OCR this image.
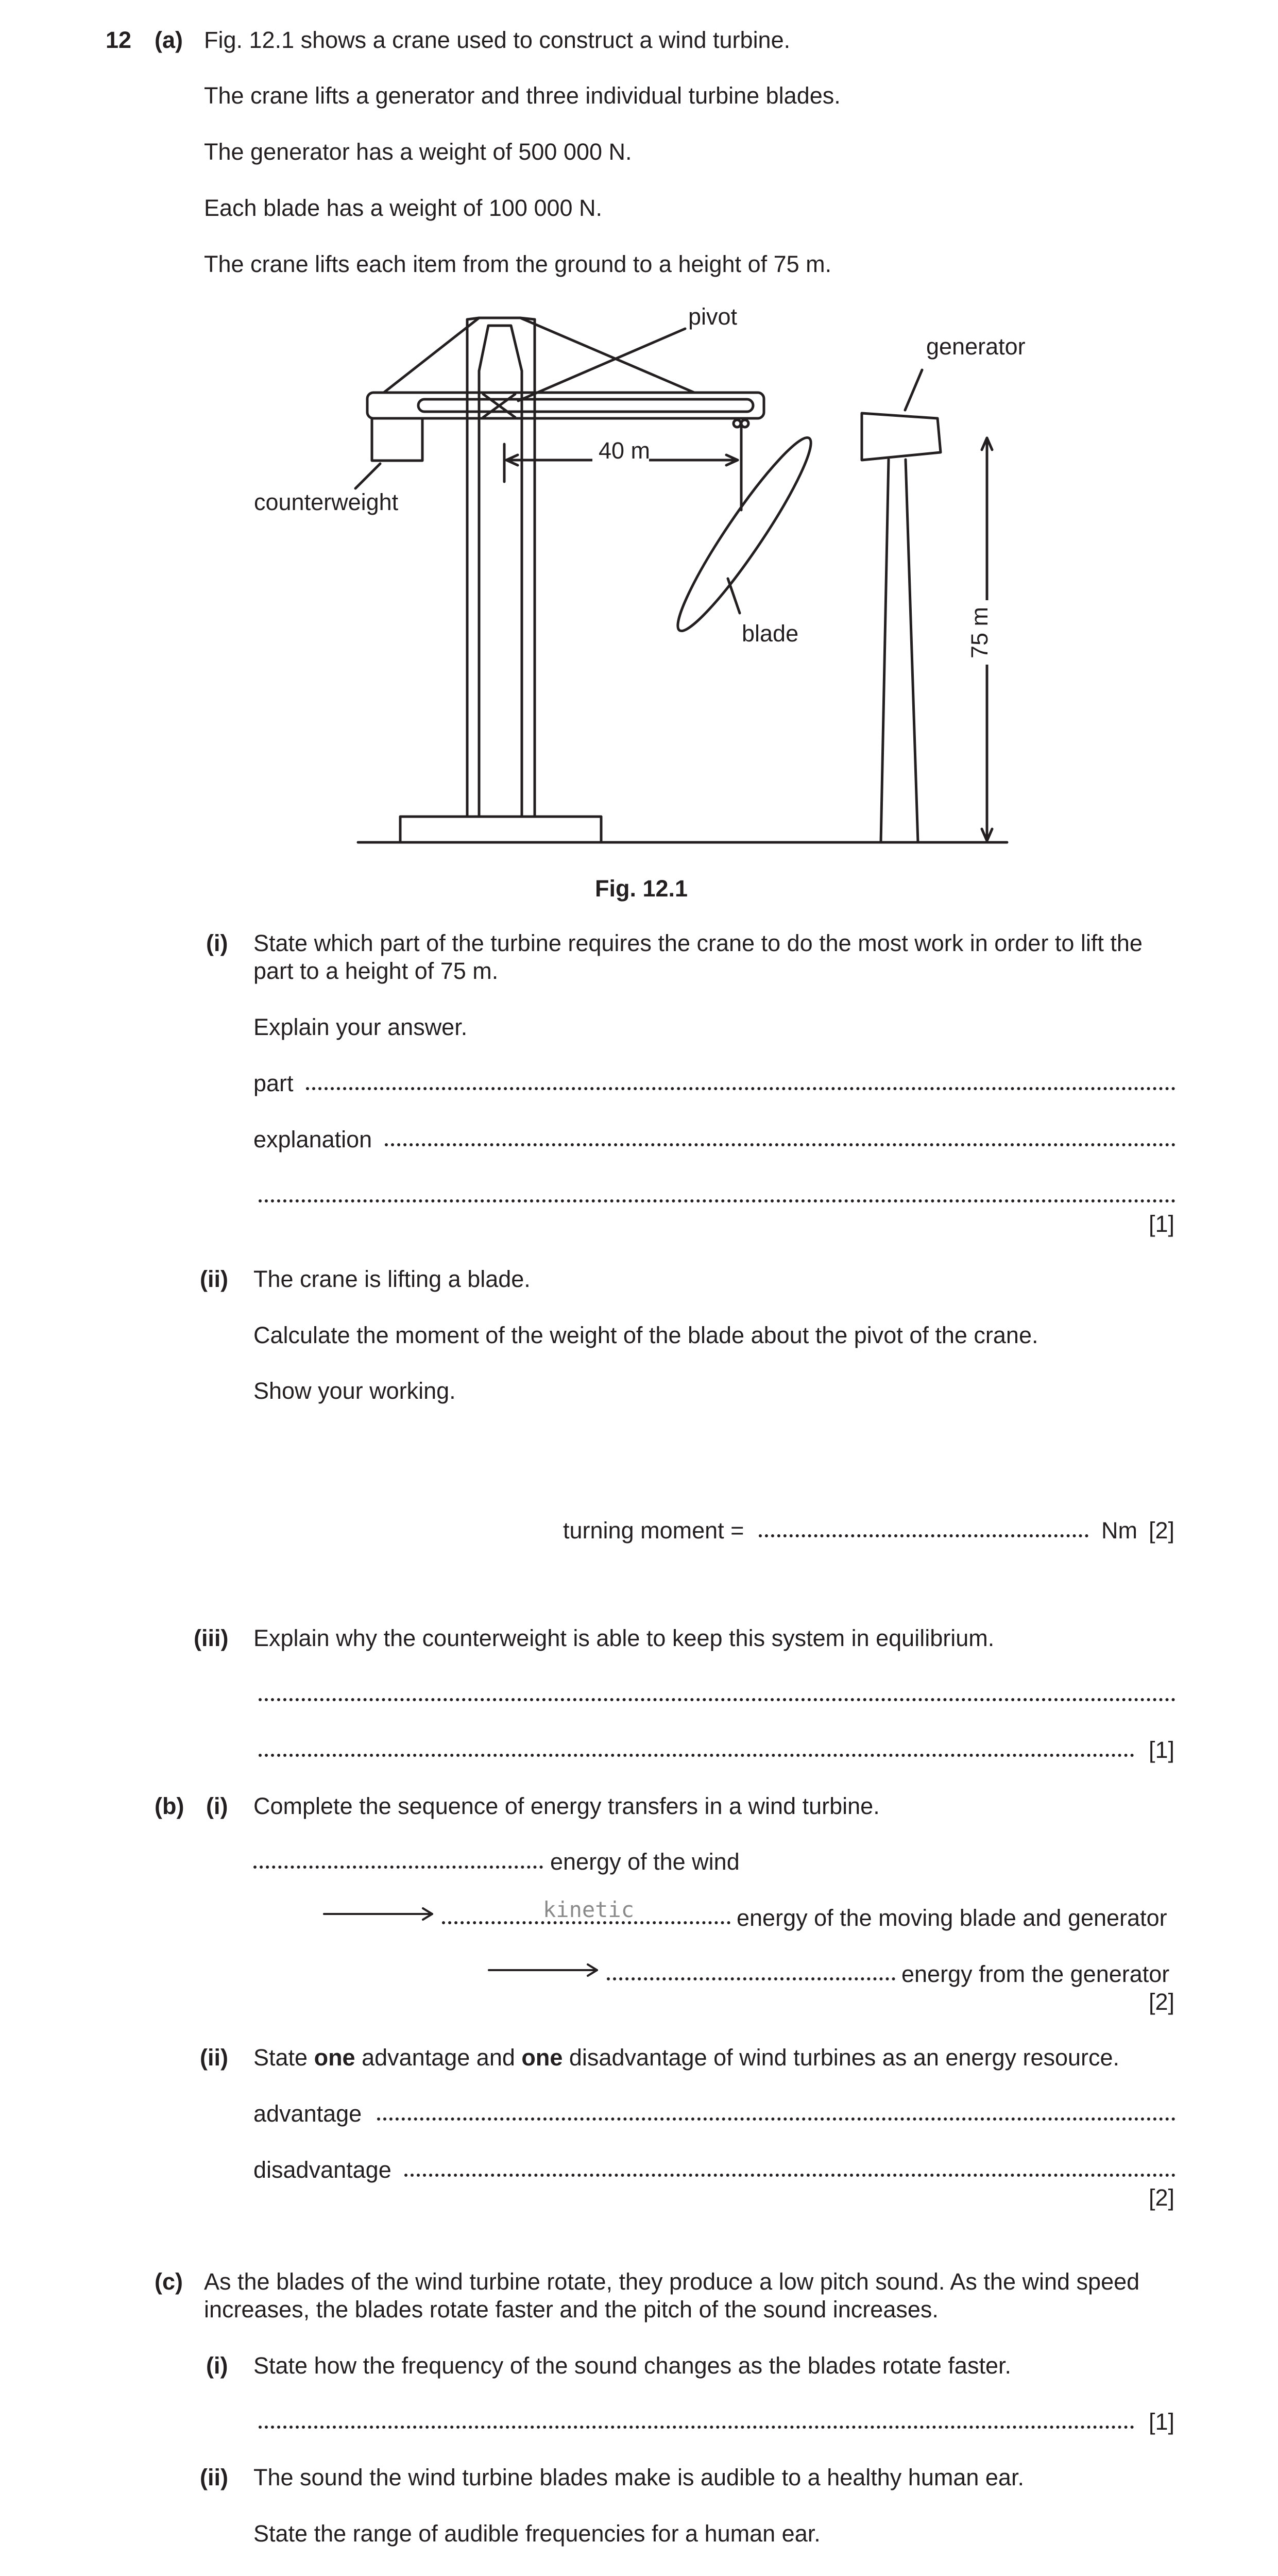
12 (a) Fig. 12.1 shows a crane used to construct a wind turbine.
The crane lifts a generator and three individual turbine blades.
The generator has a weight of 500 000 N.
Each blade has a weight of 100 000 N.
The crane lifts each item from the ground to a height of 75 m.
pivot
generator
counterweight
40 m
blade	75 m
Fig. 12.1
(i) State which part of the turbine requires the crane to do the most work in order to lift the
part to a height of 75 m.
Explain your answer.
part
explanation
[1]
(ii) The crane is lifting a blade.
Calculate the moment of the weight of the blade about the pivot of the crane.
Show your working.
turning moment =	Nm [2]
(iii) Explain why the counterweight is able to keep this system in equilibrium.
[1]
(b) (i) Complete the sequence of energy transfers in a wind turbine.
energy of the wind
kinetic	energy of the moving blade and generator
energy from the generator
[2]
(ii) State one advantage and one disadvantage of wind turbines as an energy resource.
advantage
disadvantage
[2]
(c) As the blades of the wind turbine rotate, they produce a low pitch sound. As the wind speed
increases, the blades rotate faster and the pitch of the sound increases.
(i) State how the frequency of the sound changes as the blades rotate faster.
[1]
(ii) The sound the wind turbine blades make is audible to a healthy human ear.
State the range of audible frequencies for a human ear.
